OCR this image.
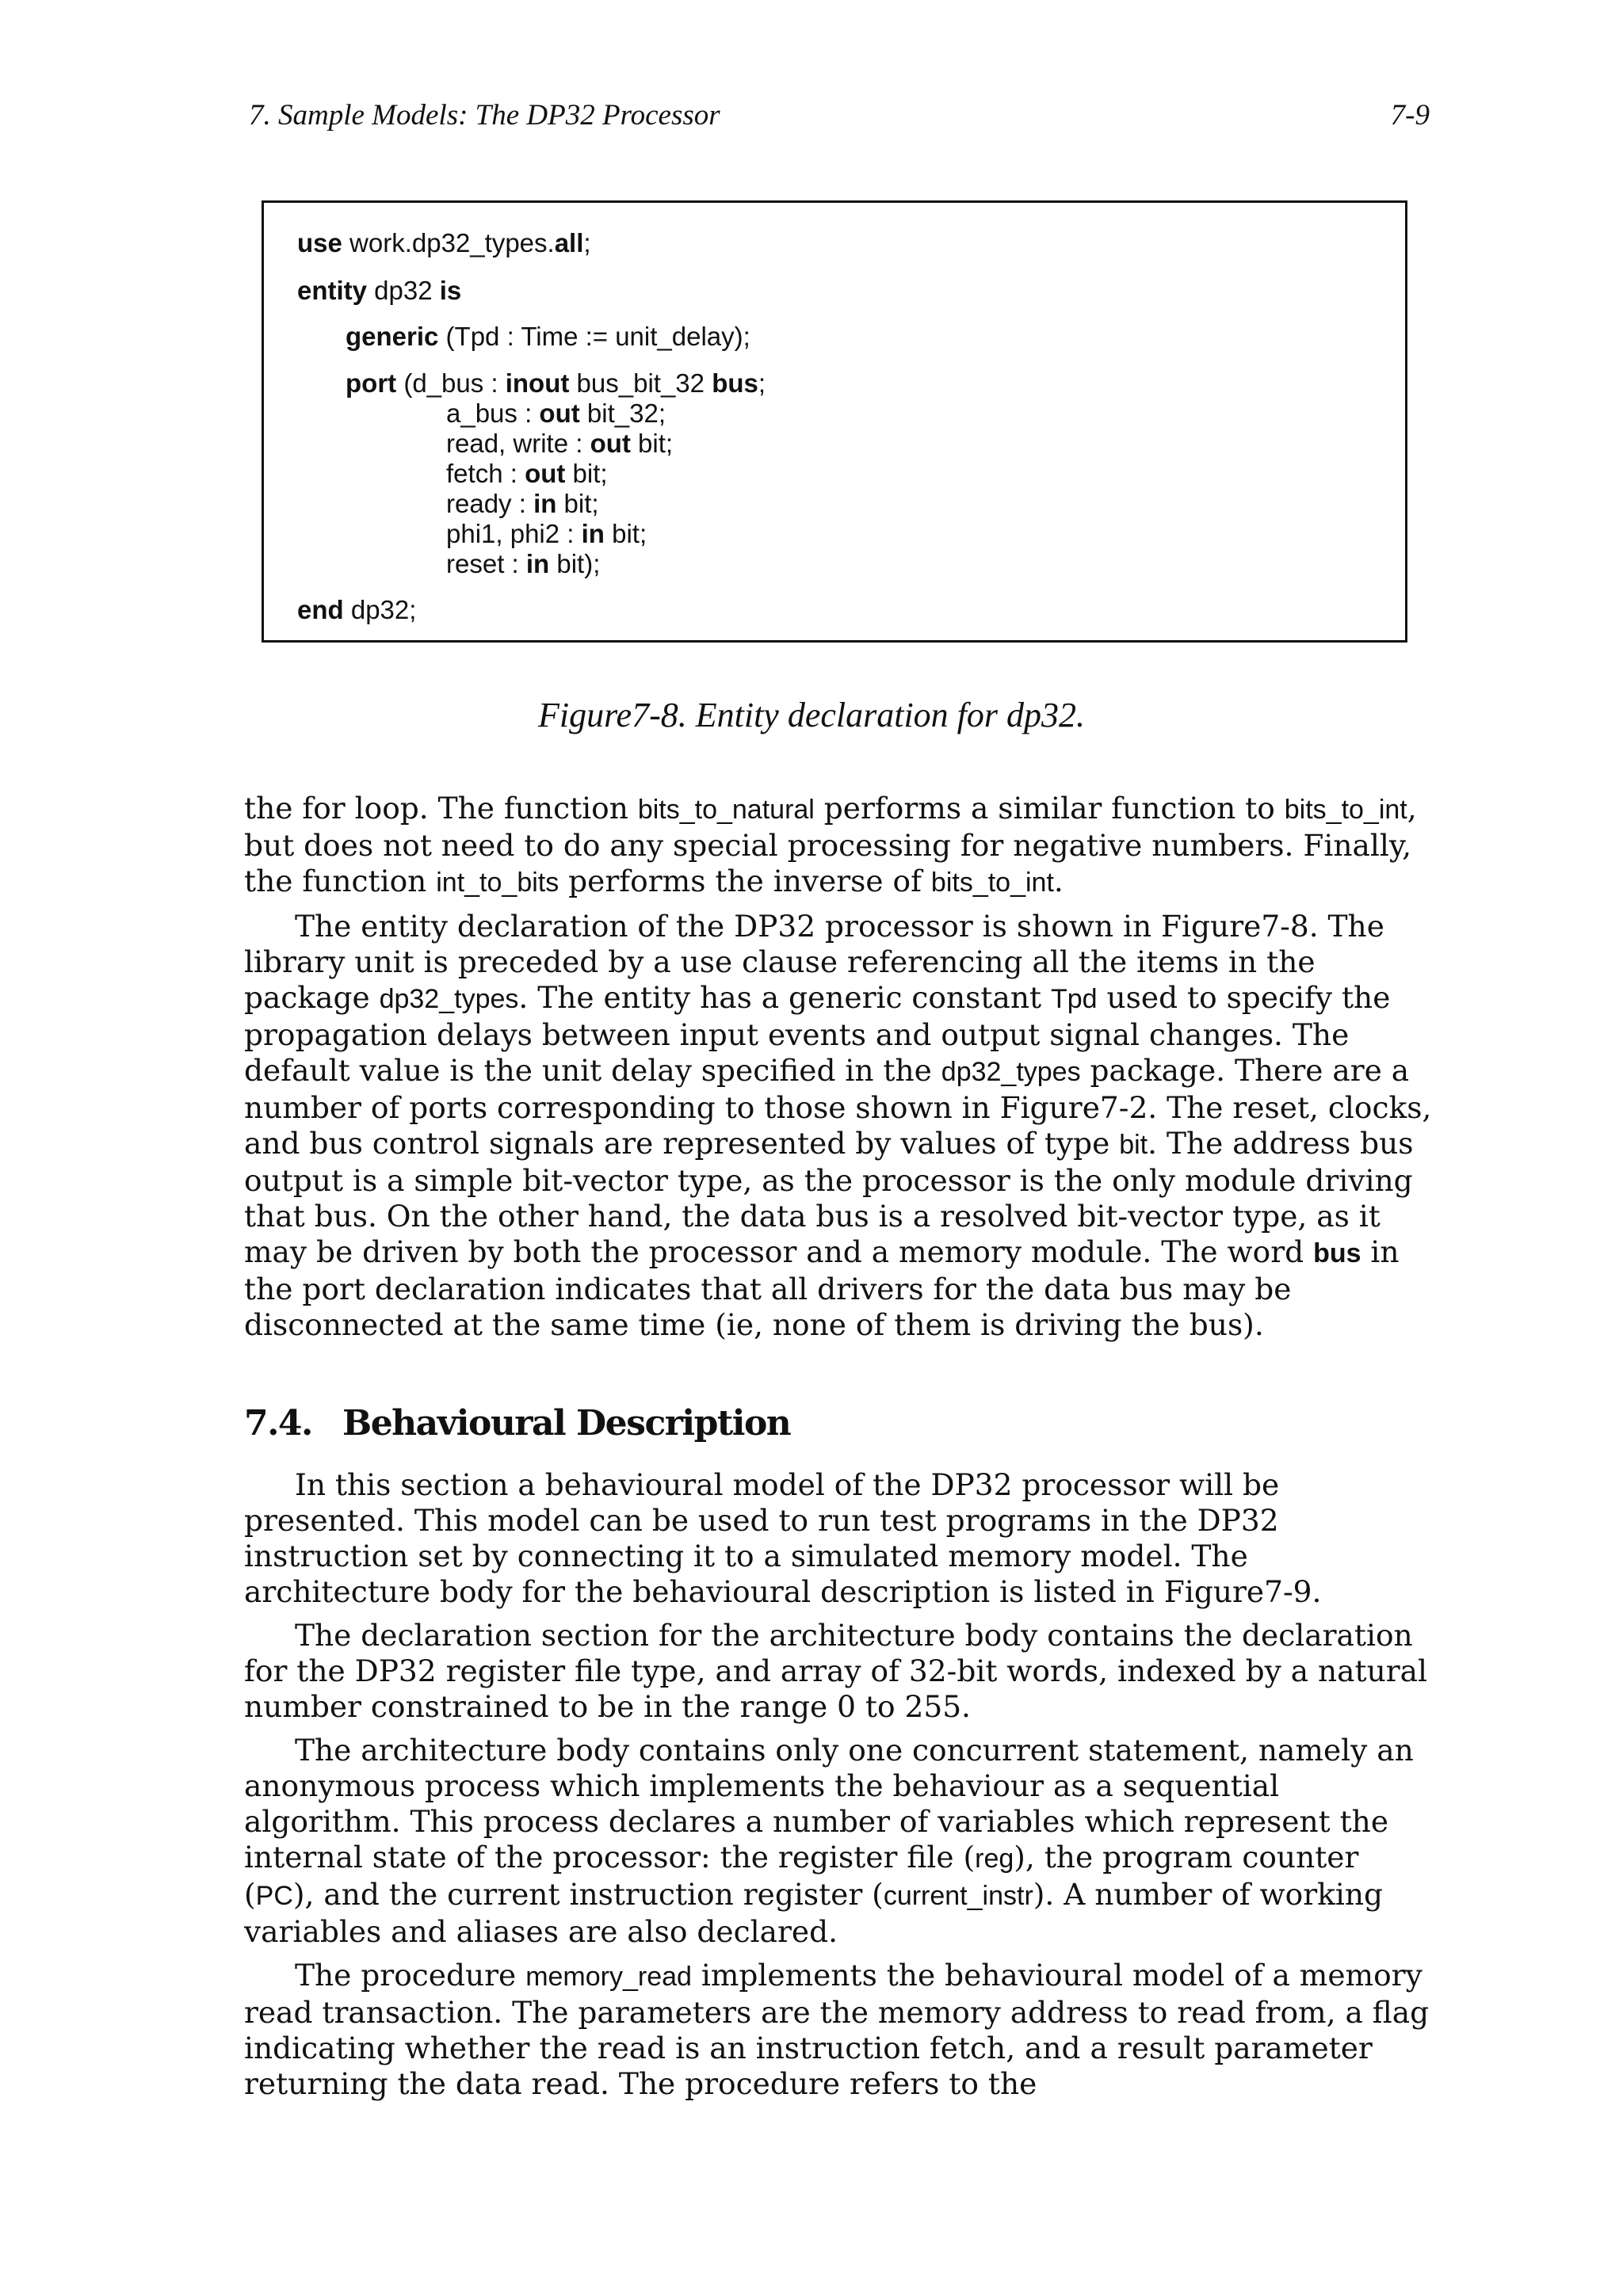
7. Sample Models: The DP32 Processor	7-9
use work.dp32_types.all;
entity dp32 is
generic (Tpd : Time := unit_delay);
port (d_bus : inout bus_bit_32 bus;
a_bus : out bit_32;
read, write : out bit;
fetch : out bit;
ready : in bit;
phi1, phi2 : in bit;
reset : in bit);
end dp32;
Figure7-8. Entity declaration for dp32.

the for loop. The function bits_to_natural performs a similar function to bits_to_int, but does not need to do any special processing for negative numbers. Finally, the function int_to_bits performs the inverse of bits_to_int.

The entity declaration of the DP32 processor is shown in Figure7-8. The library unit is preceded by a use clause referencing all the items in the package dp32_types. The entity has a generic constant Tpd used to specify the propagation delays between input events and output signal changes. The default value is the unit delay specified in the dp32_types package. There are a number of ports corresponding to those shown in Figure7-2. The reset, clocks, and bus control signals are represented by values of type bit. The address bus output is a simple bit-vector type, as the processor is the only module driving that bus. On the other hand, the data bus is a resolved bit-vector type, as it may be driven by both the processor and a memory module. The word bus in the port declaration indicates that all drivers for the data bus may be disconnected at the same time (ie, none of them is driving the bus).

7.4. Behavioural Description

In this section a behavioural model of the DP32 processor will be presented. This model can be used to run test programs in the DP32 instruction set by connecting it to a simulated memory model. The architecture body for the behavioural description is listed in Figure7-9.

The declaration section for the architecture body contains the declaration for the DP32 register file type, and array of 32-bit words, indexed by a natural number constrained to be in the range 0 to 255.

The architecture body contains only one concurrent statement, namely an anonymous process which implements the behaviour as a sequential algorithm. This process declares a number of variables which represent the internal state of the processor: the register file (reg), the program counter (PC), and the current instruction register (current_instr). A number of working variables and aliases are also declared.

The procedure memory_read implements the behavioural model of a memory read transaction. The parameters are the memory address to read from, a flag indicating whether the read is an instruction fetch, and a result parameter returning the data read. The procedure refers to the
